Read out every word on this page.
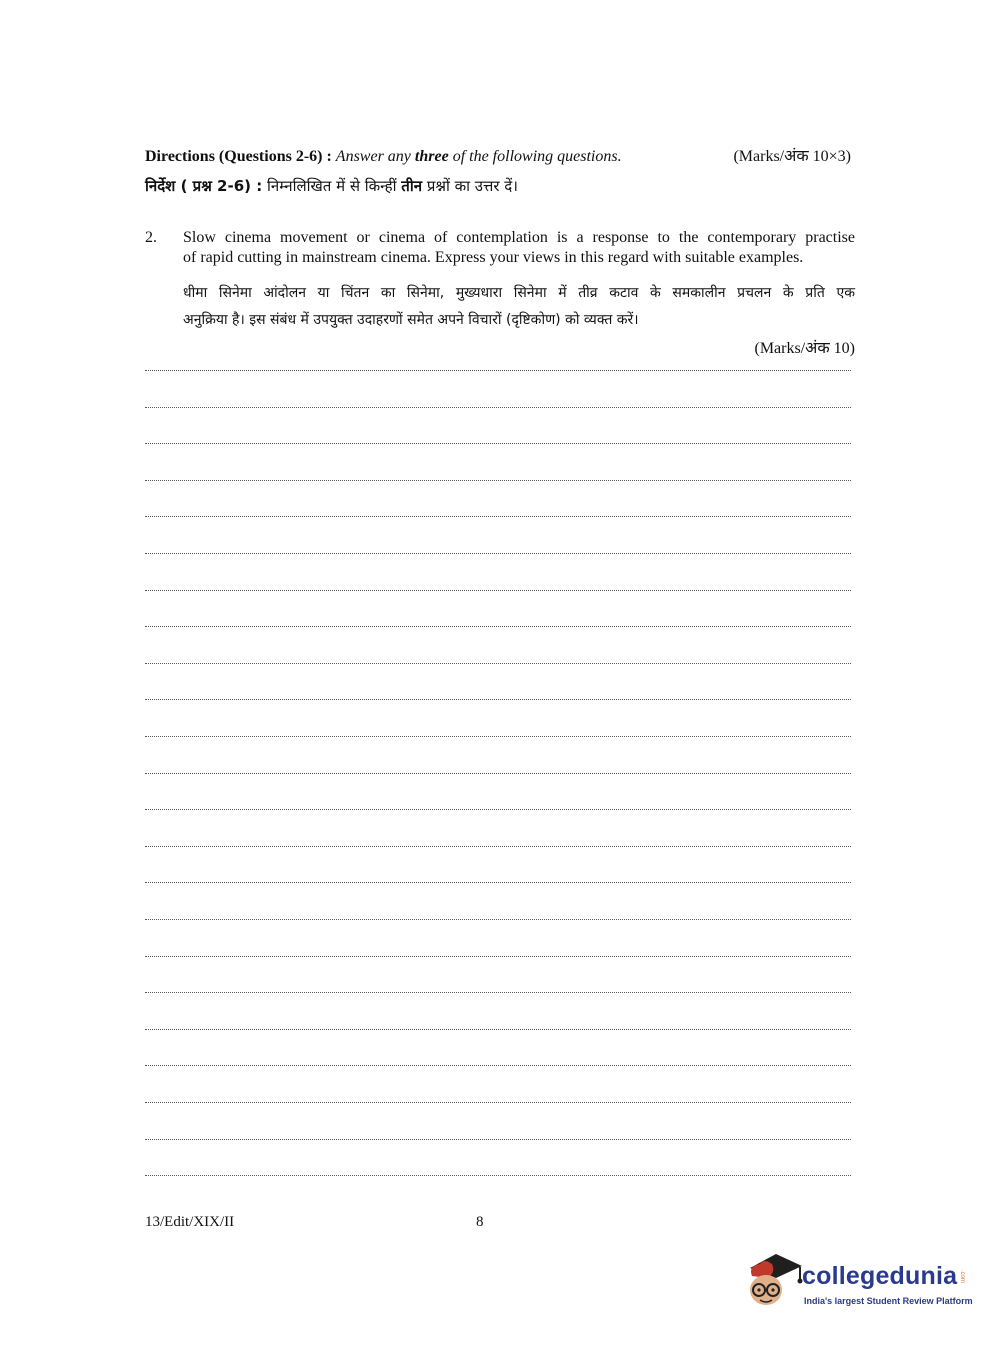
Directions (Questions 2-6) : Answer any three of the following questions.	(Marks/अंक 10×3)
निर्देश ( प्रश्न 2-6) : निम्नलिखित में से किन्हीं तीन प्रश्नों का उत्तर दें।
2. Slow cinema movement or cinema of contemplation is a response to the contemporary practise
of rapid cutting in mainstream cinema. Express your views in this regard with suitable examples.
धीमा सिनेमा आंदोलन या चिंतन का सिनेमा, मुख्यधारा सिनेमा में तीव्र कटाव के समकालीन प्रचलन के प्रति एक
अनुक्रिया है। इस संबंध में उपयुक्त उदाहरणों समेत अपने विचारों (दृष्टिकोण) को व्यक्त करें।
(Marks/अंक 10)
13/Edit/XIX/II	8
collegedunia .com
India's largest Student Review Platform
